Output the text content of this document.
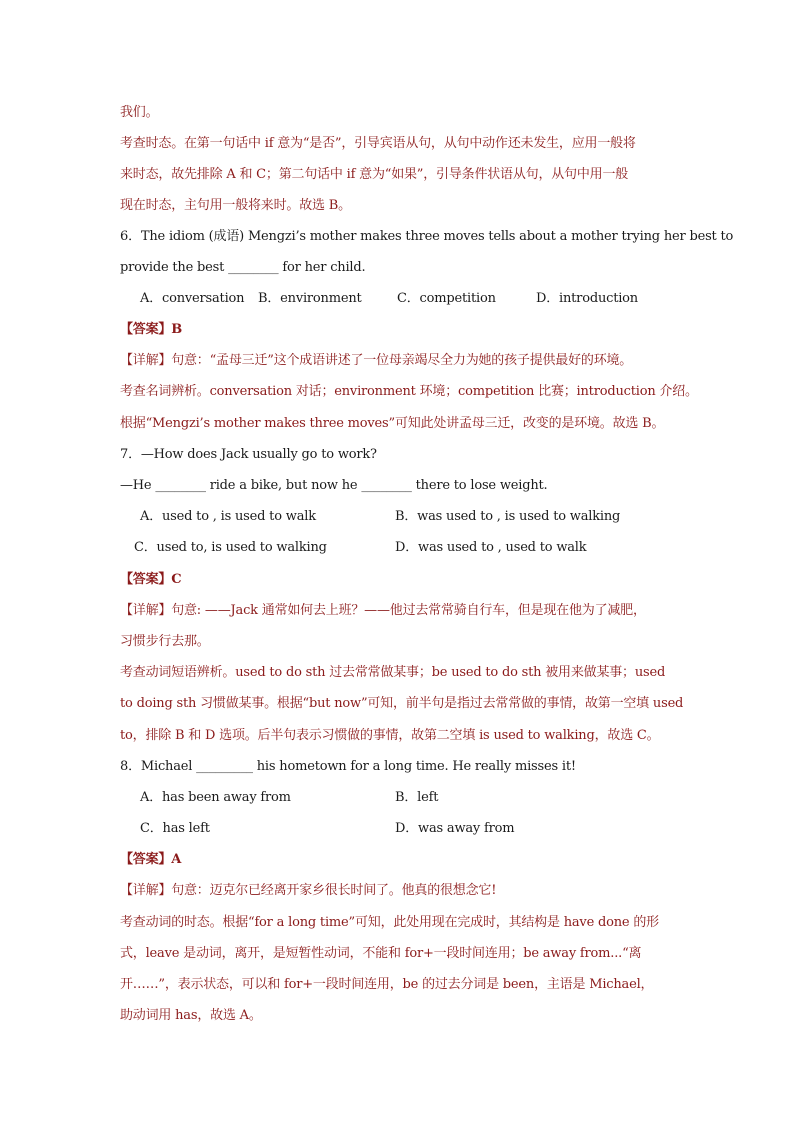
我们。
考查时态。在第一句话中 if 意为“是否”，引导宾语从句，从句中动作还未发生，应用一般将
来时态，故先排除 A 和 C；第二句话中 if 意为“如果”，引导条件状语从句，从句中用一般
现在时态，主句用一般将来时。故选 B。
6．The idiom (成语) Mengzi’s mother makes three moves tells about a mother trying her best to
provide the best ________ for her child.
A．conversation B．environment	C．competition	D．introduction
【答案】B
【详解】句意：“孟母三迁”这个成语讲述了一位母亲竭尽全力为她的孩子提供最好的环境。
考查名词辨析。conversation 对话；environment 环境；competition 比赛；introduction 介绍。
根据“Mengzi’s mother makes three moves”可知此处讲孟母三迁，改变的是环境。故选 B。
7．—How does Jack usually go to work?
—He ________ ride a bike, but now he ________ there to lose weight.
A．used to , is used to walk	B．was used to , is used to walking
C．used to, is used to walking	D．was used to , used to walk
【答案】C
【详解】句意: ——Jack 通常如何去上班？——他过去常常骑自行车，但是现在他为了减肥，
习惯步行去那。
考查动词短语辨析。used to do sth 过去常常做某事；be used to do sth 被用来做某事；used
to doing sth 习惯做某事。根据“but now”可知，前半句是指过去常常做的事情，故第一空填 used
to，排除 B 和 D 选项。后半句表示习惯做的事情，故第二空填 is used to walking，故选 C。
8．Michael _________ his hometown for a long time. He really misses it!
A．has been away from	B．left
C．has left	D．was away from
【答案】A
【详解】句意：迈克尔已经离开家乡很长时间了。他真的很想念它!
考查动词的时态。根据“for a long time”可知，此处用现在完成时，其结构是 have done 的形
式，leave 是动词，离开，是短暂性动词，不能和 for+一段时间连用；be away from...“离
开……”，表示状态，可以和 for+一段时间连用，be 的过去分词是 been，主语是 Michael，
助动词用 has，故选 A。
